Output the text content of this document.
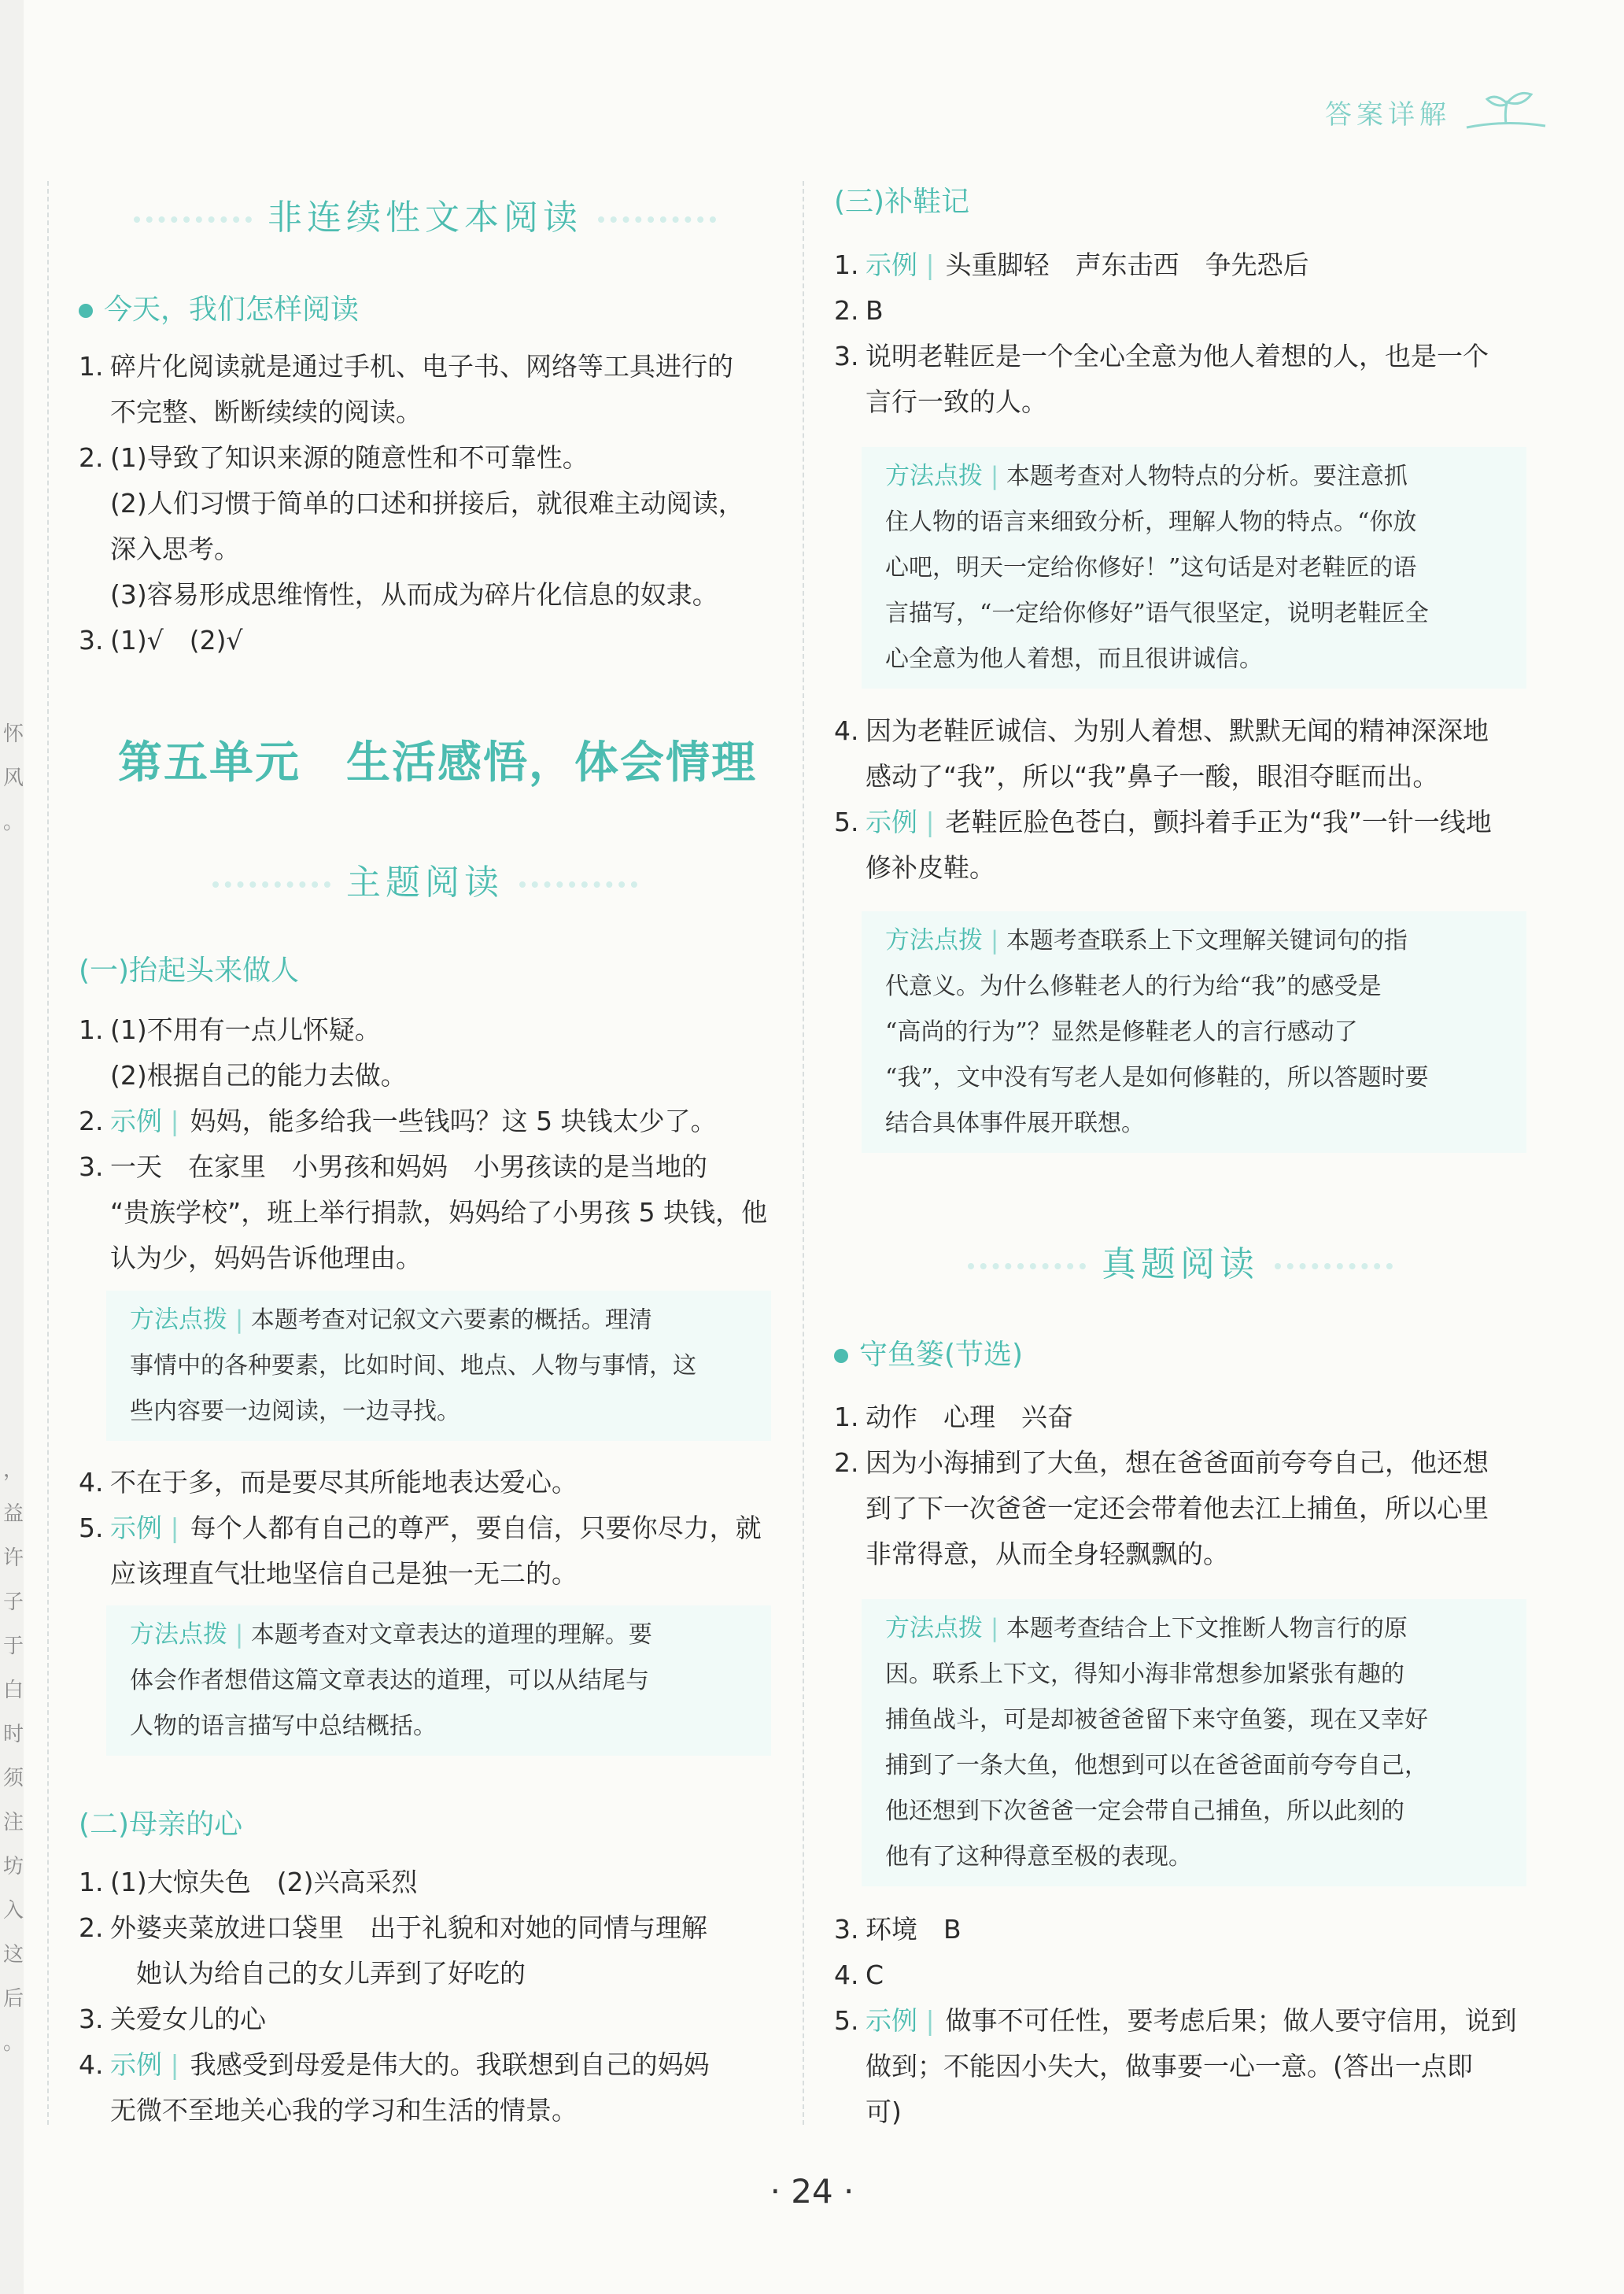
怀
风
。
，
益
许
子
于
白
时
须
注
坊
入
这
后
。
答案详解
非连续性文本阅读
今天，我们怎样阅读
1. 碎片化阅读就是通过手机、电子书、网络等工具进行的
不完整、断断续续的阅读。
2. (1)导致了知识来源的随意性和不可靠性。
(2)人们习惯于简单的口述和拼接后，就很难主动阅读，
深入思考。
(3)容易形成思维惰性，从而成为碎片化信息的奴隶。
3. (1)√　(2)√
第五单元　生活感悟，体会情理
主题阅读
(一)抬起头来做人
1. (1)不用有一点儿怀疑。
(2)根据自己的能力去做。
2. 示例 | 妈妈，能多给我一些钱吗？这 5 块钱太少了。
3. 一天　在家里　小男孩和妈妈　小男孩读的是当地的
“贵族学校”，班上举行捐款，妈妈给了小男孩 5 块钱，他
认为少，妈妈告诉他理由。
方法点拨 | 本题考查对记叙文六要素的概括。理清
事情中的各种要素，比如时间、地点、人物与事情，这
些内容要一边阅读，一边寻找。
4. 不在于多，而是要尽其所能地表达爱心。
5. 示例 | 每个人都有自己的尊严，要自信，只要你尽力，就
应该理直气壮地坚信自己是独一无二的。
方法点拨 | 本题考查对文章表达的道理的理解。要
体会作者想借这篇文章表达的道理，可以从结尾与
人物的语言描写中总结概括。
(二)母亲的心
1. (1)大惊失色　(2)兴高采烈
2. 外婆夹菜放进口袋里　出于礼貌和对她的同情与理解
　她认为给自己的女儿弄到了好吃的
3. 关爱女儿的心
4. 示例 | 我感受到母爱是伟大的。我联想到自己的妈妈
无微不至地关心我的学习和生活的情景。
(三)补鞋记
1. 示例 | 头重脚轻　声东击西　争先恐后
2. B
3. 说明老鞋匠是一个全心全意为他人着想的人，也是一个
言行一致的人。
方法点拨 | 本题考查对人物特点的分析。要注意抓
住人物的语言来细致分析，理解人物的特点。“你放
心吧，明天一定给你修好！”这句话是对老鞋匠的语
言描写，“一定给你修好”语气很坚定，说明老鞋匠全
心全意为他人着想，而且很讲诚信。
4. 因为老鞋匠诚信、为别人着想、默默无闻的精神深深地
感动了“我”，所以“我”鼻子一酸，眼泪夺眶而出。
5. 示例 | 老鞋匠脸色苍白，颤抖着手正为“我”一针一线地
修补皮鞋。
方法点拨 | 本题考查联系上下文理解关键词句的指
代意义。为什么修鞋老人的行为给“我”的感受是
“高尚的行为”？显然是修鞋老人的言行感动了
“我”，文中没有写老人是如何修鞋的，所以答题时要
结合具体事件展开联想。
真题阅读
守鱼篓(节选)
1. 动作　心理　兴奋
2. 因为小海捕到了大鱼，想在爸爸面前夸夸自己，他还想
到了下一次爸爸一定还会带着他去江上捕鱼，所以心里
非常得意，从而全身轻飘飘的。
方法点拨 | 本题考查结合上下文推断人物言行的原
因。联系上下文，得知小海非常想参加紧张有趣的
捕鱼战斗，可是却被爸爸留下来守鱼篓，现在又幸好
捕到了一条大鱼，他想到可以在爸爸面前夸夸自己，
他还想到下次爸爸一定会带自己捕鱼，所以此刻的
他有了这种得意至极的表现。
3. 环境　B
4. C
5. 示例 | 做事不可任性，要考虑后果；做人要守信用，说到
做到；不能因小失大，做事要一心一意。(答出一点即
可)
· 24 ·
